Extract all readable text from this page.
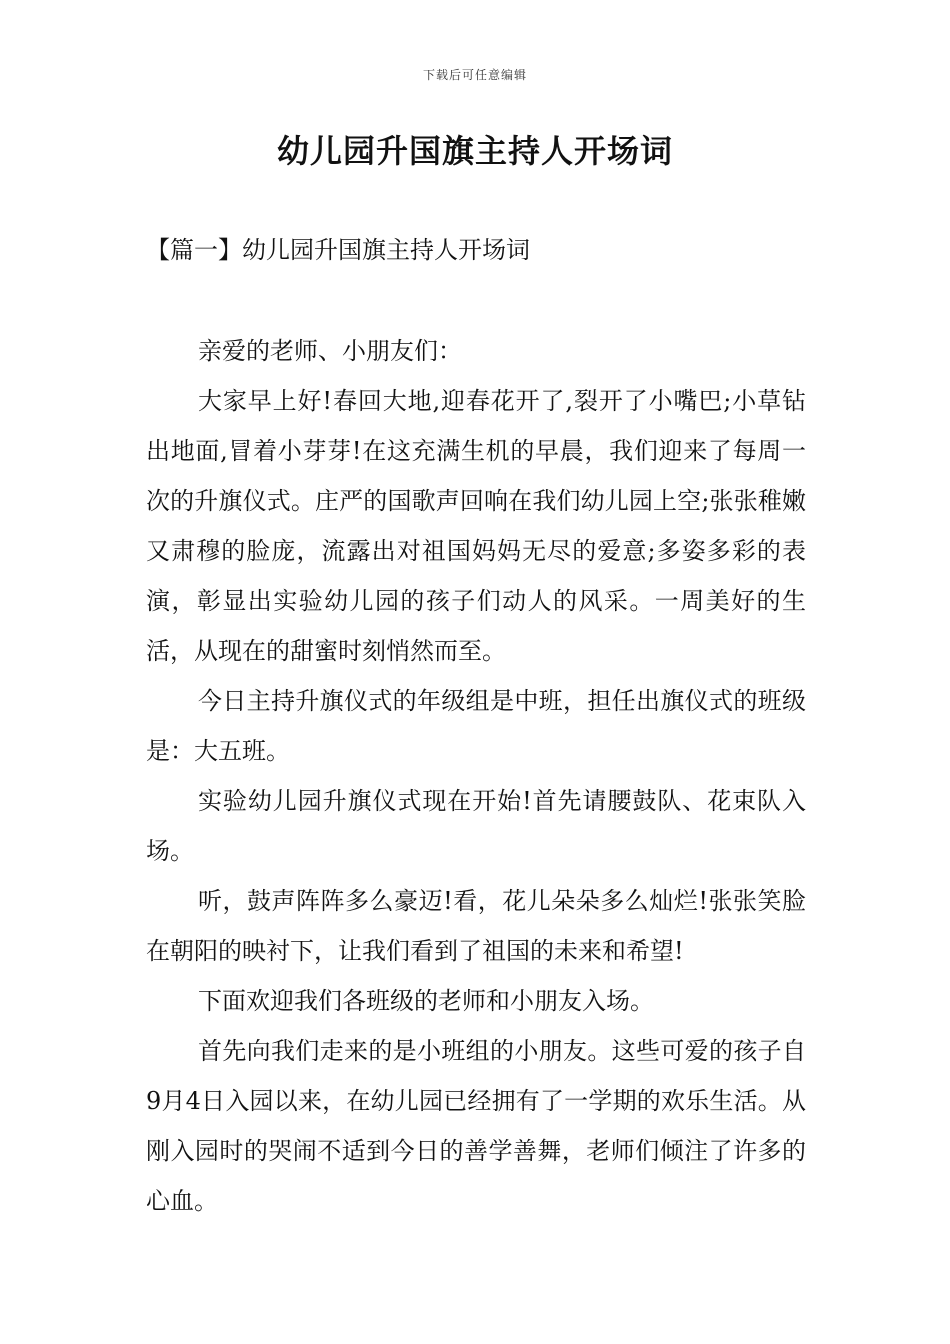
下载后可任意编辑
幼儿园升国旗主持人开场词
【篇一】幼儿园升国旗主持人开场词

亲爱的老师、小朋友们：

大家早上好!春回大地,迎春花开了,裂开了小嘴巴;小草钻出地面,冒着小芽芽!在这充满生机的早晨，我们迎来了每周一次的升旗仪式。庄严的国歌声回响在我们幼儿园上空;张张稚嫩又肃穆的脸庞，流露出对祖国妈妈无尽的爱意;多姿多彩的表演，彰显出实验幼儿园的孩子们动人的风采。一周美好的生活，从现在的甜蜜时刻悄然而至。

今日主持升旗仪式的年级组是中班，担任出旗仪式的班级是：大五班。

实验幼儿园升旗仪式现在开始!首先请腰鼓队、花束队入场。

听，鼓声阵阵多么豪迈!看，花儿朵朵多么灿烂!张张笑脸在朝阳的映衬下，让我们看到了祖国的未来和希望!

下面欢迎我们各班级的老师和小朋友入场。

首先向我们走来的是小班组的小朋友。这些可爱的孩子自9月4日入园以来，在幼儿园已经拥有了一学期的欢乐生活。从刚入园时的哭闹不适到今日的善学善舞，老师们倾注了许多的心血。
